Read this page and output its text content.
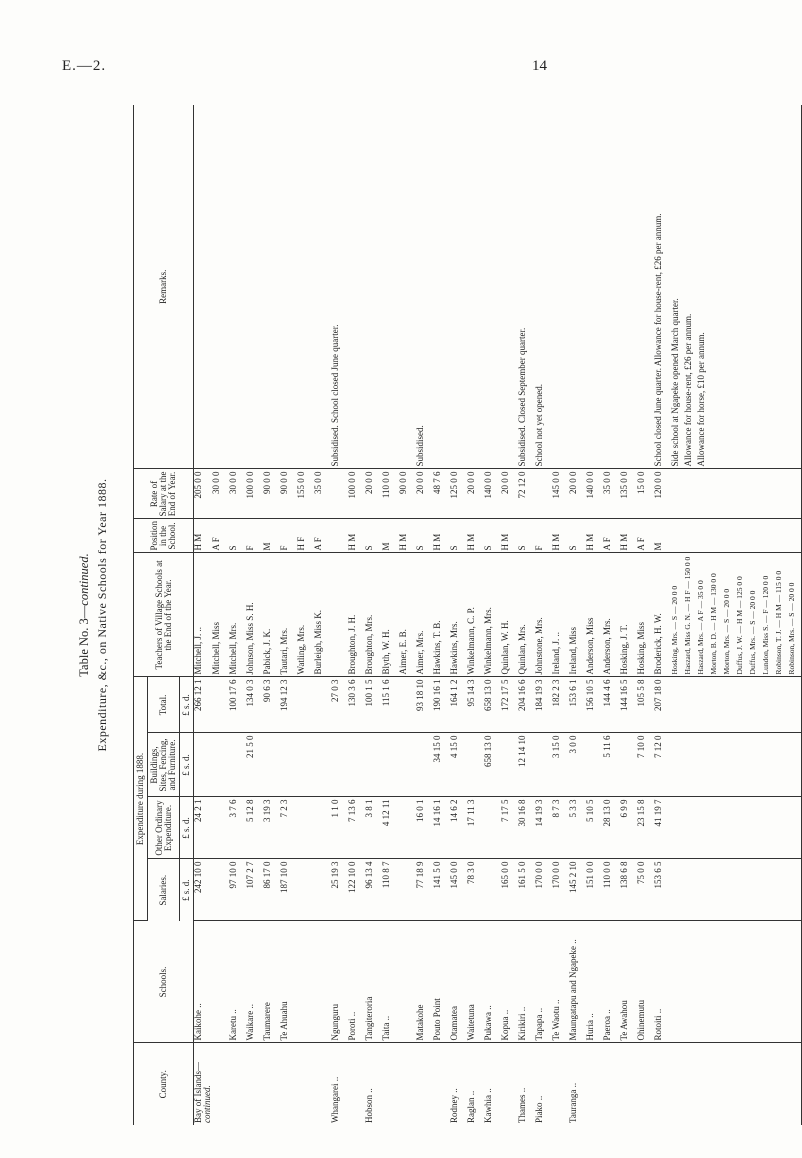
E.—2.	14
Table No. 3—continued. Expenditure, &c., on Native Schools for Year 1888.
County.	Schools.	Expenditure during 1888.				Teachers of Village Schools at the End of the Year.	Position in the School.	Rate of Salary at the End of Year.	Remarks.
		Salaries.	Other Ordinary Expenditure.	Buildings, Sites, Fencing, and Furniture.	Total.				
		£ s. d.	£ s. d.	£ s. d.	£ s. d.				
Bay of Islands—
continued.	Kaikohe ..	242 10 0	24 2 1		266 12 1	Mitchell, J. ..	H M	205 0 0	
						Mitchell, Miss	A F	30 0 0	
	Karetu ..	97 10 0	3 7 6		100 17 6	Mitchell, Mrs.	S	30 0 0	
	Waikare ..	107 2 7	5 12 8	21 5 0	134 0 3	Johnson, Miss S. H.	F	100 0 0	
	Taumarere	86 17 0	3 19 3		90 6 3	Pabick, J. K.	M	90 0 0	
	Te Ahuahu	187 10 0	7 2 3		194 12 3	Tautari, Mrs.	F	90 0 0	
						Watling, Mrs.	H F	155 0 0	
						Burleigh, Miss K.	A F	35 0 0	
Whangarei ..	Ngunguru	25 19 3	1 1 0		27 0 3				Subsidised. School closed June quarter.
	Poroti ..	122 10 0	7 13 6		130 3 6	Broughton, J. H.	H M	100 0 0	
Hobson ..	Tangiteroria	96 13 4	3 8 1		100 1 5	Broughton, Mrs.	S	20 0 0	
	Taita ..	110 8 7	4 12 11		115 1 6	Blyth, W. H.	M	110 0 0	
						Aimer, E. B.	H M	90 0 0	
	Matakohe	77 18 9	16 0 1		93 18 10	Aimer, Mrs.	S	20 0 0	Subsidised.
	Pouto Point	141 5 0	14 16 1	34 15 0	190 16 1	Hawkins, T. B.	H M	48 7 6	
Rodney ..	Otamatea	145 0 0	14 6 2	4 15 0	164 1 2	Hawkins, Mrs.	S	125 0 0	
Raglan ..	Waitetuna	78 3 0	17 11 3		95 14 3	Winkelmann, C. P.	H M	20 0 0	
Kawhia ..	Pukawa ..			658 13 0	658 13 0	Winkelmann, Mrs.	S	140 0 0	
	Kopua ..	165 0 0	7 17 5		172 17 5	Quinlan, W. H.	H M	20 0 0	
Thames ..	Kirikiri ..	161 5 0	30 16 8	12 14 10	204 16 6	Quinlan, Mrs.	S	72 12 0	Subsidised. Closed September quarter.
Piako ..	Tapapa ..	170 0 0	14 19 3		184 19 3	Johnstone, Mrs.	F		School not yet opened.
	Te Waotu ..	170 0 0	8 7 3	3 15 0	182 2 3	Ireland, J. ..	H M	145 0 0	
Tauranga ..	Maungatapu and Ngapeke ..	145 2 10	5 3 3	3 0 0	153 6 1	Ireland, Miss	S	20 0 0	
	Huria ..	151 0 0	5 10 5		156 10 5	Anderson, Miss	H M	140 0 0	
	Paeroa ..	110 0 0	28 13 0	5 11 6	144 4 6	Anderson, Mrs.	A F	35 0 0	
	Te Awahou	138 6 8	6 9 9		144 16 5	Hosking, J. T.	H M	135 0 0	
	Ohinemutu	75 0 0	23 15 8	7 10 0	105 5 8	Hosking, Miss	A F	15 0 0	
	Rotoiti ..	153 6 5	41 19 7	7 12 0	207 18 0	Broderick, H. W.	M	120 0 0	School closed June quarter. Allowance for house-rent, £26 per annum.
						Hosking, Mrs. — S — 20 0 0			Side school at Ngapeke opened March quarter.
						Haszard, Miss G. N. — H F — 150 0 0			Allowance for house-rent, £26 per annum.
						Haszard, Mrs. — A F — 35 0 0			Allowance for horse, £10 per annum.
						Morton, B. D. — H M — 130 0 0			
						Morton, Mrs. — S — 20 0 0			
						Duffus, J. W. — H M — 125 0 0			
						Duffus, Mrs. — S — 20 0 0			
						Lundon, Miss S. — F — 120 0 0			
						Robinson, T. J. — H M — 115 0 0			
						Robinson, Mrs. — S — 20 0 0			
